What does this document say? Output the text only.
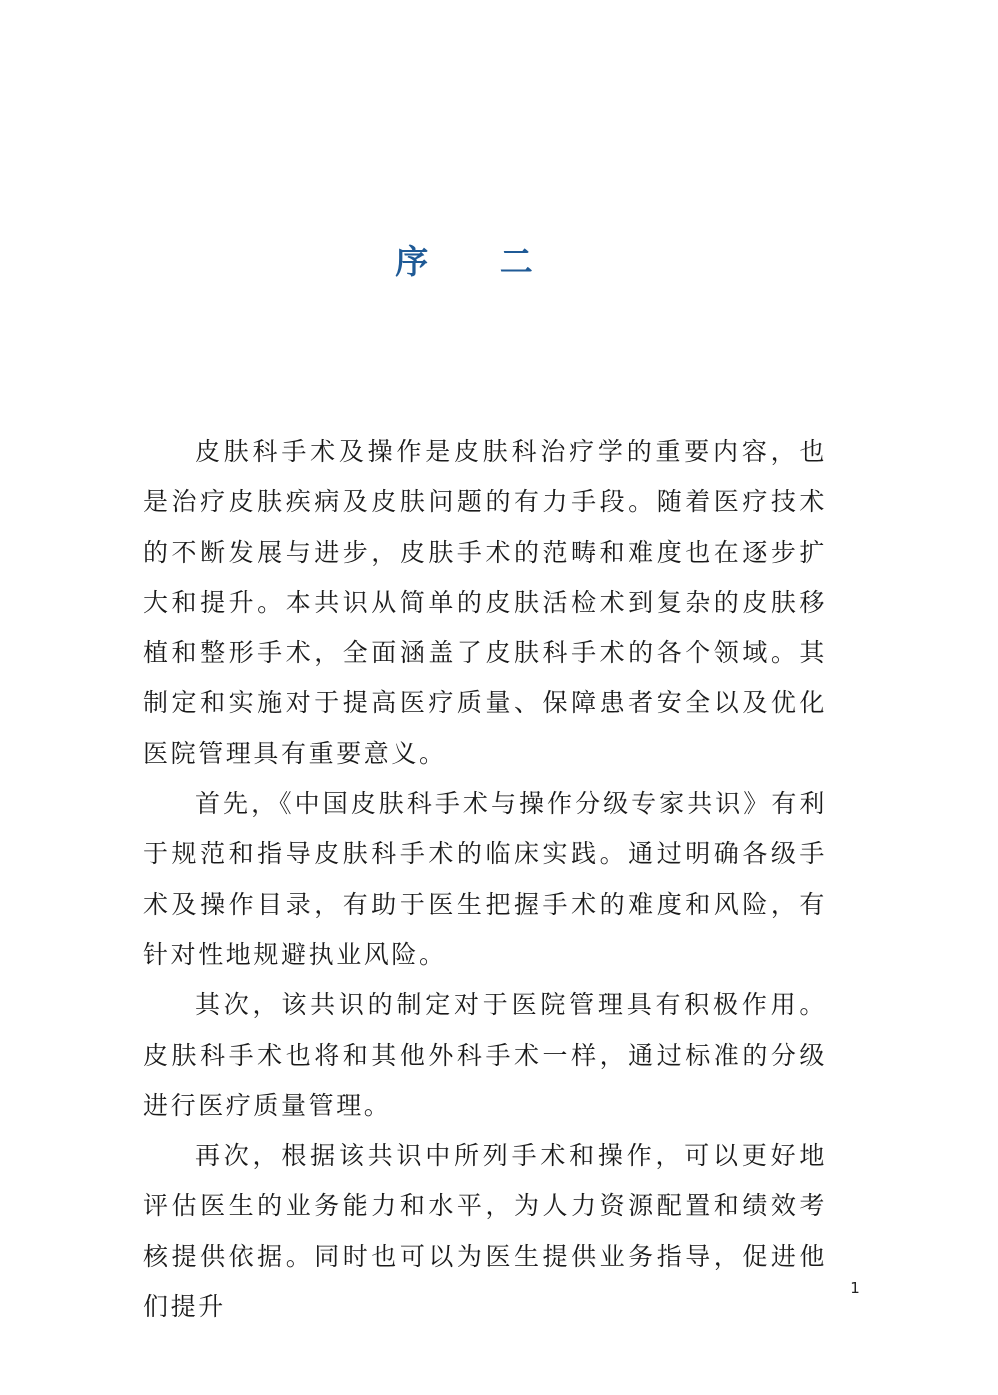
序 二

皮肤科手术及操作是皮肤科治疗学的重要内容，也是治疗皮肤疾病及皮肤问题的有力手段。随着医疗技术的不断发展与进步，皮肤手术的范畴和难度也在逐步扩大和提升。本共识从简单的皮肤活检术到复杂的皮肤移植和整形手术，全面涵盖了皮肤科手术的各个领域。其制定和实施对于提高医疗质量、保障患者安全以及优化医院管理具有重要意义。

首先，《中国皮肤科手术与操作分级专家共识》有利于规范和指导皮肤科手术的临床实践。通过明确各级手术及操作目录，有助于医生把握手术的难度和风险，有针对性地规避执业风险。

其次，该共识的制定对于医院管理具有积极作用。皮肤科手术也将和其他外科手术一样，通过标准的分级进行医疗质量管理。

再次，根据该共识中所列手术和操作，可以更好地评估医生的业务能力和水平，为人力资源配置和绩效考核提供依据。同时也可以为医生提供业务指导，促进他们提升

1
